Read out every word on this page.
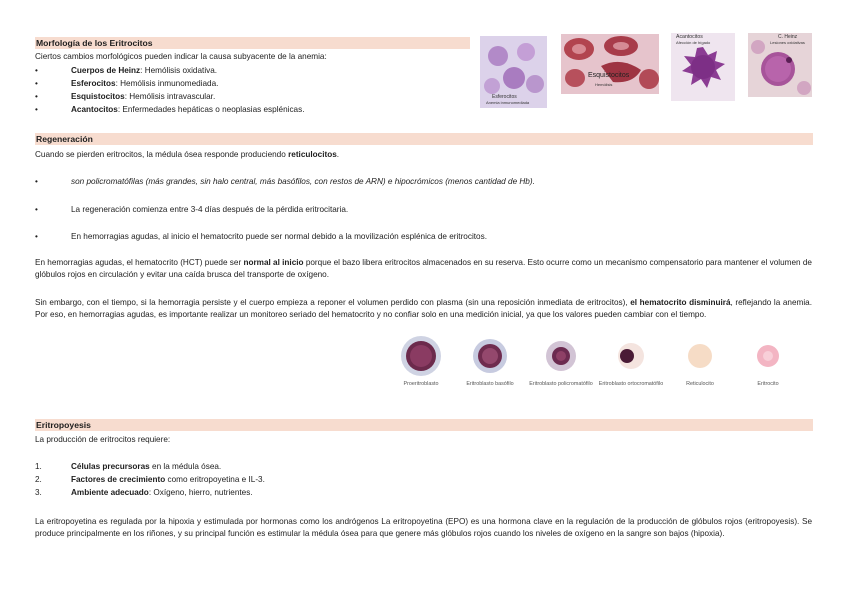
Morfología de los Eritrocitos
Ciertos cambios morfológicos pueden indicar la causa subyacente de la anemia:
•	Cuerpos de Heinz: Hemólisis oxidativa.
•	Esferocitos: Hemólisis inmunomediada.
•	Esquistocitos: Hemólisis intravascular.
•	Acantocitos: Enfermedades hepáticas o neoplasias esplénicas.
Esferocitos
Anemia inmunomediada
Esquistocitos
Hemólisis
Acantocitos
Afección de hígado
C. Heinz
Lesiones oxidativas
Regeneración
Cuando se pierden eritrocitos, la médula ósea responde produciendo reticulocitos.
•	son policromatófilas (más grandes, sin halo central, más basófilos, con restos de ARN) e hipocrómicos (menos cantidad de Hb).
•	La regeneración comienza entre 3-4 días después de la pérdida eritrocitaria.
•	En hemorragias agudas, al inicio el hematocrito puede ser normal debido a la movilización esplénica de eritrocitos.
En hemorragias agudas, el hematocrito (HCT) puede ser normal al inicio porque el bazo libera eritrocitos almacenados en su reserva. Esto ocurre como un mecanismo compensatorio para mantener el volumen de glóbulos rojos en circulación y evitar una caída brusca del transporte de oxígeno.
Sin embargo, con el tiempo, si la hemorragia persiste y el cuerpo empieza a reponer el volumen perdido con plasma (sin una reposición inmediata de eritrocitos), el hematocrito disminuirá, reflejando la anemia. Por eso, en hemorragias agudas, es importante realizar un monitoreo seriado del hematocrito y no confiar solo en una medición inicial, ya que los valores pueden cambiar con el tiempo.
Proeritroblasto	Eritroblasto basófilo	Eritroblasto policromatófilo	Eritroblasto ortocromatófilo	Reticulocito	Eritrocito
Eritropoyesis
La producción de eritrocitos requiere:
1.	Células precursoras en la médula ósea.
2.	Factores de crecimiento como eritropoyetina e IL-3.
3.	Ambiente adecuado: Oxígeno, hierro, nutrientes.
La eritropoyetina es regulada por la hipoxia y estimulada por hormonas como los andrógenos La eritropoyetina (EPO) es una hormona clave en la regulación de la producción de glóbulos rojos (eritropoyesis). Se produce principalmente en los riñones, y su principal función es estimular la médula ósea para que genere más glóbulos rojos cuando los niveles de oxígeno en la sangre son bajos (hipoxia).
